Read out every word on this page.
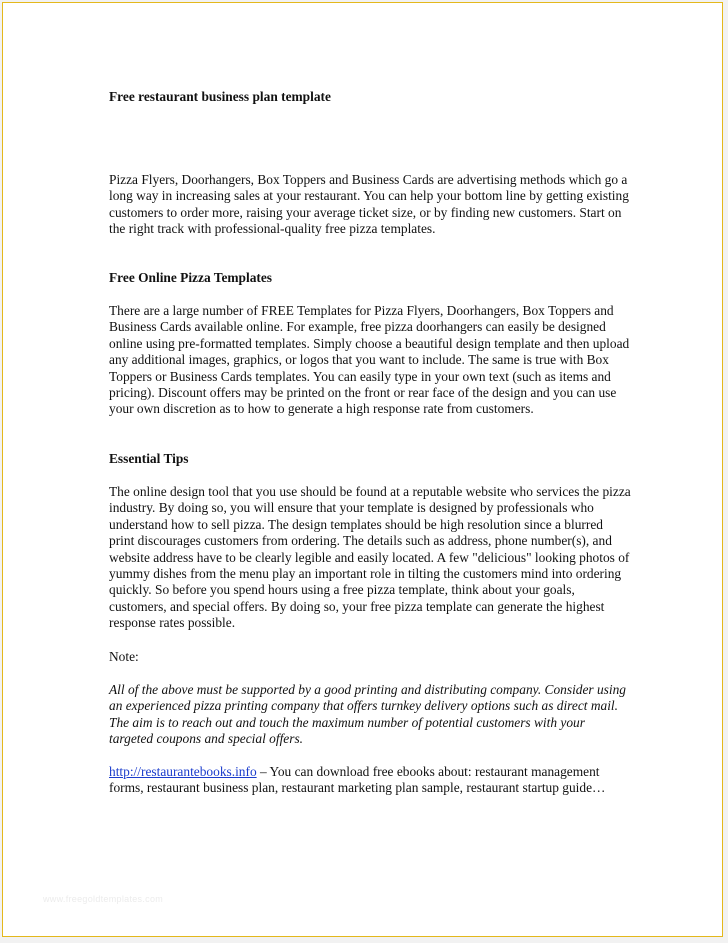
Free restaurant business plan template

Pizza Flyers, Doorhangers, Box Toppers and Business Cards are advertising methods which go a long way in increasing sales at your restaurant. You can help your bottom line by getting existing customers to order more, raising your average ticket size, or by finding new customers. Start on the right track with professional-quality free pizza templates.

Free Online Pizza Templates

There are a large number of FREE Templates for Pizza Flyers, Doorhangers, Box Toppers and Business Cards available online. For example, free pizza doorhangers can easily be designed online using pre-formatted templates. Simply choose a beautiful design template and then upload any additional images, graphics, or logos that you want to include. The same is true with Box Toppers or Business Cards templates. You can easily type in your own text (such as items and pricing). Discount offers may be printed on the front or rear face of the design and you can use your own discretion as to how to generate a high response rate from customers.

Essential Tips

The online design tool that you use should be found at a reputable website who services the pizza industry. By doing so, you will ensure that your template is designed by professionals who understand how to sell pizza. The design templates should be high resolution since a blurred print discourages customers from ordering. The details such as address, phone number(s), and website address have to be clearly legible and easily located. A few "delicious" looking photos of yummy dishes from the menu play an important role in tilting the customers mind into ordering quickly. So before you spend hours using a free pizza template, think about your goals, customers, and special offers. By doing so, your free pizza template can generate the highest response rates possible.

Note:

All of the above must be supported by a good printing and distributing company. Consider using an experienced pizza printing company that offers turnkey delivery options such as direct mail. The aim is to reach out and touch the maximum number of potential customers with your targeted coupons and special offers.

http://restaurantebooks.info – You can download free ebooks about: restaurant management forms, restaurant business plan, restaurant marketing plan sample, restaurant startup guide…

www.freegoldtemplates.com
